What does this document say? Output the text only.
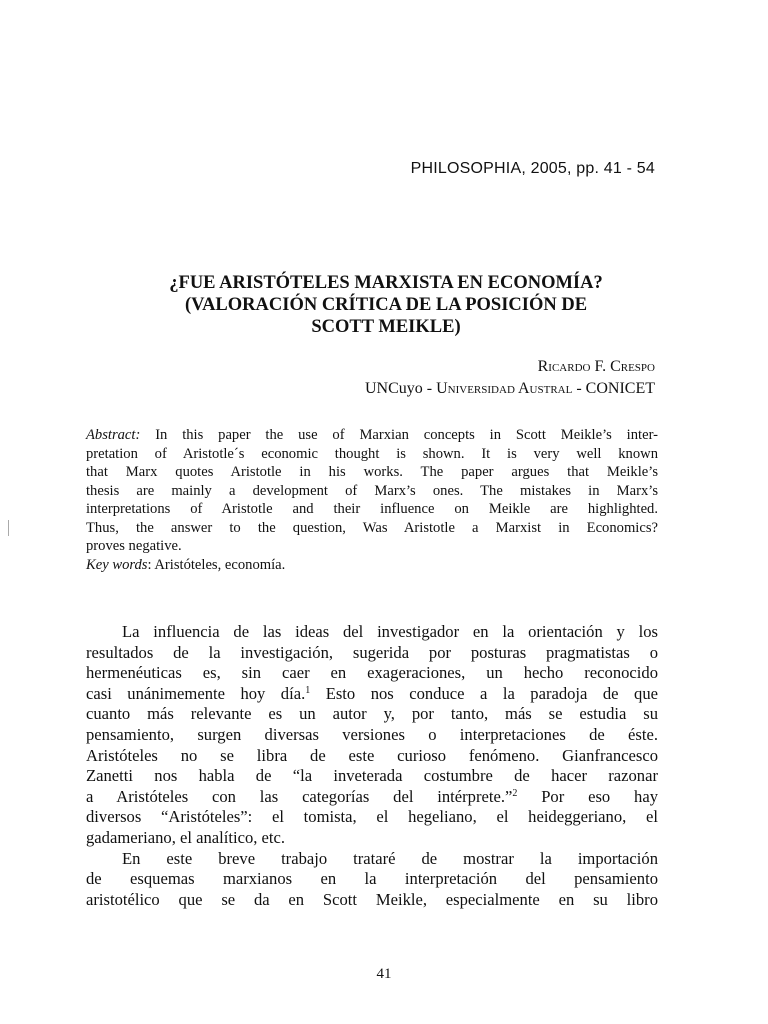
PHILOSOPHIA, 2005, pp. 41 - 54
¿FUE ARISTÓTELES MARXISTA EN ECONOMÍA?
(VALORACIÓN CRÍTICA DE LA POSICIÓN DE
SCOTT MEIKLE)
Ricardo F. Crespo
UNCuyo - Universidad Austral - CONICET
Abstract: In this paper the use of Marxian concepts in Scott Meikle’s inter-
pretation of Aristotle´s economic thought is shown. It is very well known
that Marx quotes Aristotle in his works. The paper argues that Meikle’s
thesis are mainly a development of Marx’s ones. The mistakes in Marx’s
interpretations of Aristotle and their influence on Meikle are highlighted.
Thus, the answer to the question, Was Aristotle a Marxist in Economics?
proves negative.
Key words: Aristóteles, economía.
La influencia de las ideas del investigador en la orientación y los
resultados de la investigación, sugerida por posturas pragmatistas o
hermenéuticas es, sin caer en exageraciones, un hecho reconocido
casi unánimemente hoy día.$^1$ Esto nos conduce a la paradoja de que
cuanto más relevante es un autor y, por tanto, más se estudia su
pensamiento, surgen diversas versiones o interpretaciones de éste.
Aristóteles no se libra de este curioso fenómeno. Gianfrancesco
Zanetti nos habla de “la inveterada costumbre de hacer razonar
a Aristóteles con las categorías del intérprete.”$^2$ Por eso hay
diversos “Aristóteles”: el tomista, el hegeliano, el heideggeriano, el
gadameriano, el analítico, etc.
En este breve trabajo trataré de mostrar la importación
de esquemas marxianos en la interpretación del pensamiento
aristotélico que se da en Scott Meikle, especialmente en su libro
41
